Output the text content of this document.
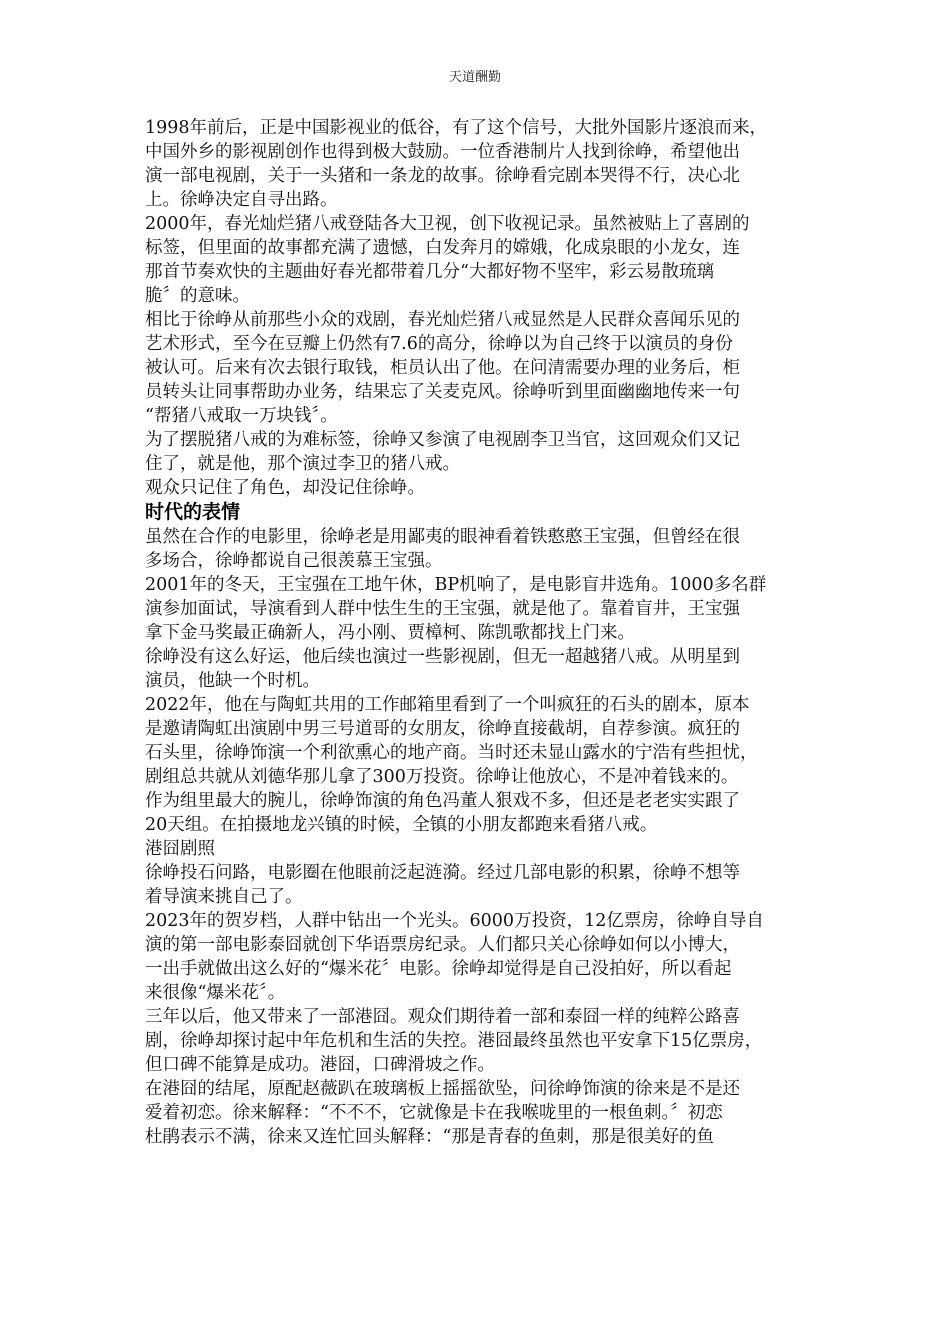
天道酬勤

1998年前后，正是中国影视业的低谷，有了这个信号，大批外国影片逐浪而来，
中国外乡的影视剧创作也得到极大鼓励。一位香港制片人找到徐峥，希望他出
演一部电视剧，关于一头猪和一条龙的故事。徐峥看完剧本哭得不行，决心北
上。徐峥决定自寻出路。

2000年，春光灿烂猪八戒登陆各大卫视，创下收视记录。虽然被贴上了喜剧的
标签，但里面的故事都充满了遗憾，白发奔月的嫦娥，化成泉眼的小龙女，连
那首节奏欢快的主题曲好春光都带着几分“大都好物不坚牢，彩云易散琉璃
脆〞的意味。

相比于徐峥从前那些小众的戏剧，春光灿烂猪八戒显然是人民群众喜闻乐见的
艺术形式，至今在豆瓣上仍然有7.6的高分，徐峥以为自己终于以演员的身份
被认可。后来有次去银行取钱，柜员认出了他。在问清需要办理的业务后，柜
员转头让同事帮助办业务，结果忘了关麦克风。徐峥听到里面幽幽地传来一句
“帮猪八戒取一万块钱〞。

为了摆脱猪八戒的为难标签，徐峥又参演了电视剧李卫当官，这回观众们又记
住了，就是他，那个演过李卫的猪八戒。

观众只记住了角色，却没记住徐峥。

时代的表情

虽然在合作的电影里，徐峥老是用鄙夷的眼神看着铁憨憨王宝强，但曾经在很
多场合，徐峥都说自己很羡慕王宝强。

2001年的冬天，王宝强在工地午休，BP机响了，是电影盲井选角。1000多名群
演参加面试，导演看到人群中怯生生的王宝强，就是他了。靠着盲井，王宝强
拿下金马奖最正确新人，冯小刚、贾樟柯、陈凯歌都找上门来。

徐峥没有这么好运，他后续也演过一些影视剧，但无一超越猪八戒。从明星到
演员，他缺一个时机。

2022年，他在与陶虹共用的工作邮箱里看到了一个叫疯狂的石头的剧本，原本
是邀请陶虹出演剧中男三号道哥的女朋友，徐峥直接截胡，自荐参演。疯狂的
石头里，徐峥饰演一个利欲熏心的地产商。当时还未显山露水的宁浩有些担忧，
剧组总共就从刘德华那儿拿了300万投资。徐峥让他放心，不是冲着钱来的。

作为组里最大的腕儿，徐峥饰演的角色冯董人狠戏不多，但还是老老实实跟了
20天组。在拍摄地龙兴镇的时候，全镇的小朋友都跑来看猪八戒。

港囧剧照

徐峥投石问路，电影圈在他眼前泛起涟漪。经过几部电影的积累，徐峥不想等
着导演来挑自己了。

2023年的贺岁档，人群中钻出一个光头。6000万投资，12亿票房，徐峥自导自
演的第一部电影泰囧就创下华语票房纪录。人们都只关心徐峥如何以小博大，
一出手就做出这么好的“爆米花〞电影。徐峥却觉得是自己没拍好，所以看起
来很像“爆米花〞。

三年以后，他又带来了一部港囧。观众们期待着一部和泰囧一样的纯粹公路喜
剧，徐峥却探讨起中年危机和生活的失控。港囧最终虽然也平安拿下15亿票房，
但口碑不能算是成功。港囧，口碑滑坡之作。

在港囧的结尾，原配赵薇趴在玻璃板上摇摇欲坠，问徐峥饰演的徐来是不是还
爱着初恋。徐来解释：“不不不，它就像是卡在我喉咙里的一根鱼刺。〞初恋
杜鹃表示不满，徐来又连忙回头解释：“那是青春的鱼刺，那是很美好的鱼
